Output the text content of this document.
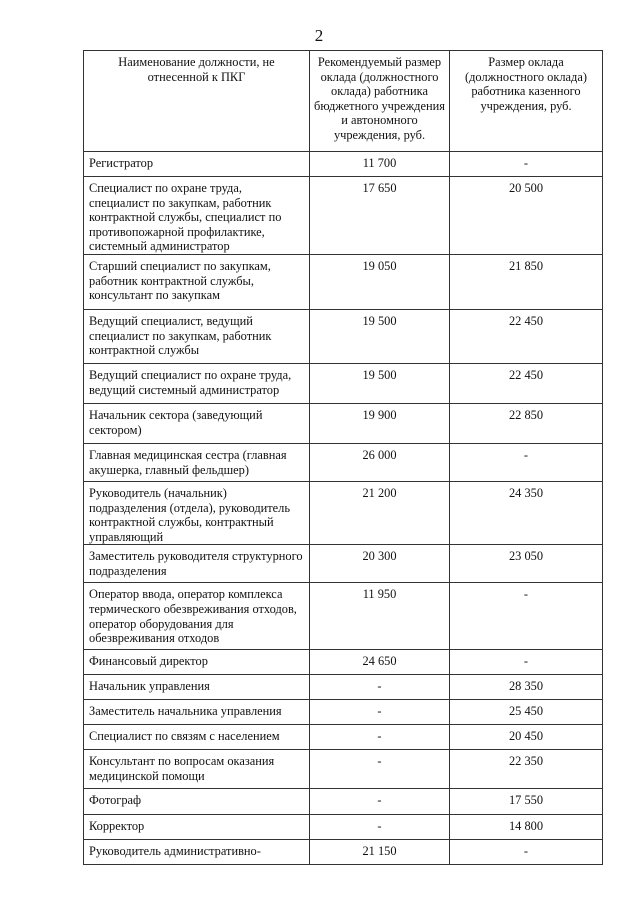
2
Наименование должности, не отнесенной к ПКГ	Рекомендуемый размер оклада (должностного оклада) работника бюджетного учреждения и автономного учреждения, руб.	Размер оклада (должностного оклада) работника казенного учреждения, руб.
Регистратор	11 700	-
Специалист по охране труда, специалист по закупкам, работник контрактной службы, специалист по противопожарной профилактике, системный администратор	17 650	20 500
Старший специалист по закупкам, работник контрактной службы, консультант по закупкам	19 050	21 850
Ведущий специалист, ведущий специалист по закупкам, работник контрактной службы	19 500	22 450
Ведущий специалист по охране труда, ведущий системный администратор	19 500	22 450
Начальник сектора (заведующий сектором)	19 900	22 850
Главная медицинская сестра (главная акушерка, главный фельдшер)	26 000	-
Руководитель (начальник) подразделения (отдела), руководитель контрактной службы, контрактный управляющий	21 200	24 350
Заместитель руководителя структурного подразделения	20 300	23 050
Оператор ввода, оператор комплекса термического обезвреживания отходов, оператор оборудования для обезвреживания отходов	11 950	-
Финансовый директор	24 650	-
Начальник управления	-	28 350
Заместитель начальника управления	-	25 450
Специалист по связям с населением	-	20 450
Консультант по вопросам оказания медицинской помощи	-	22 350
Фотограф	-	17 550
Корректор	-	14 800
Руководитель административно-	21 150	-
